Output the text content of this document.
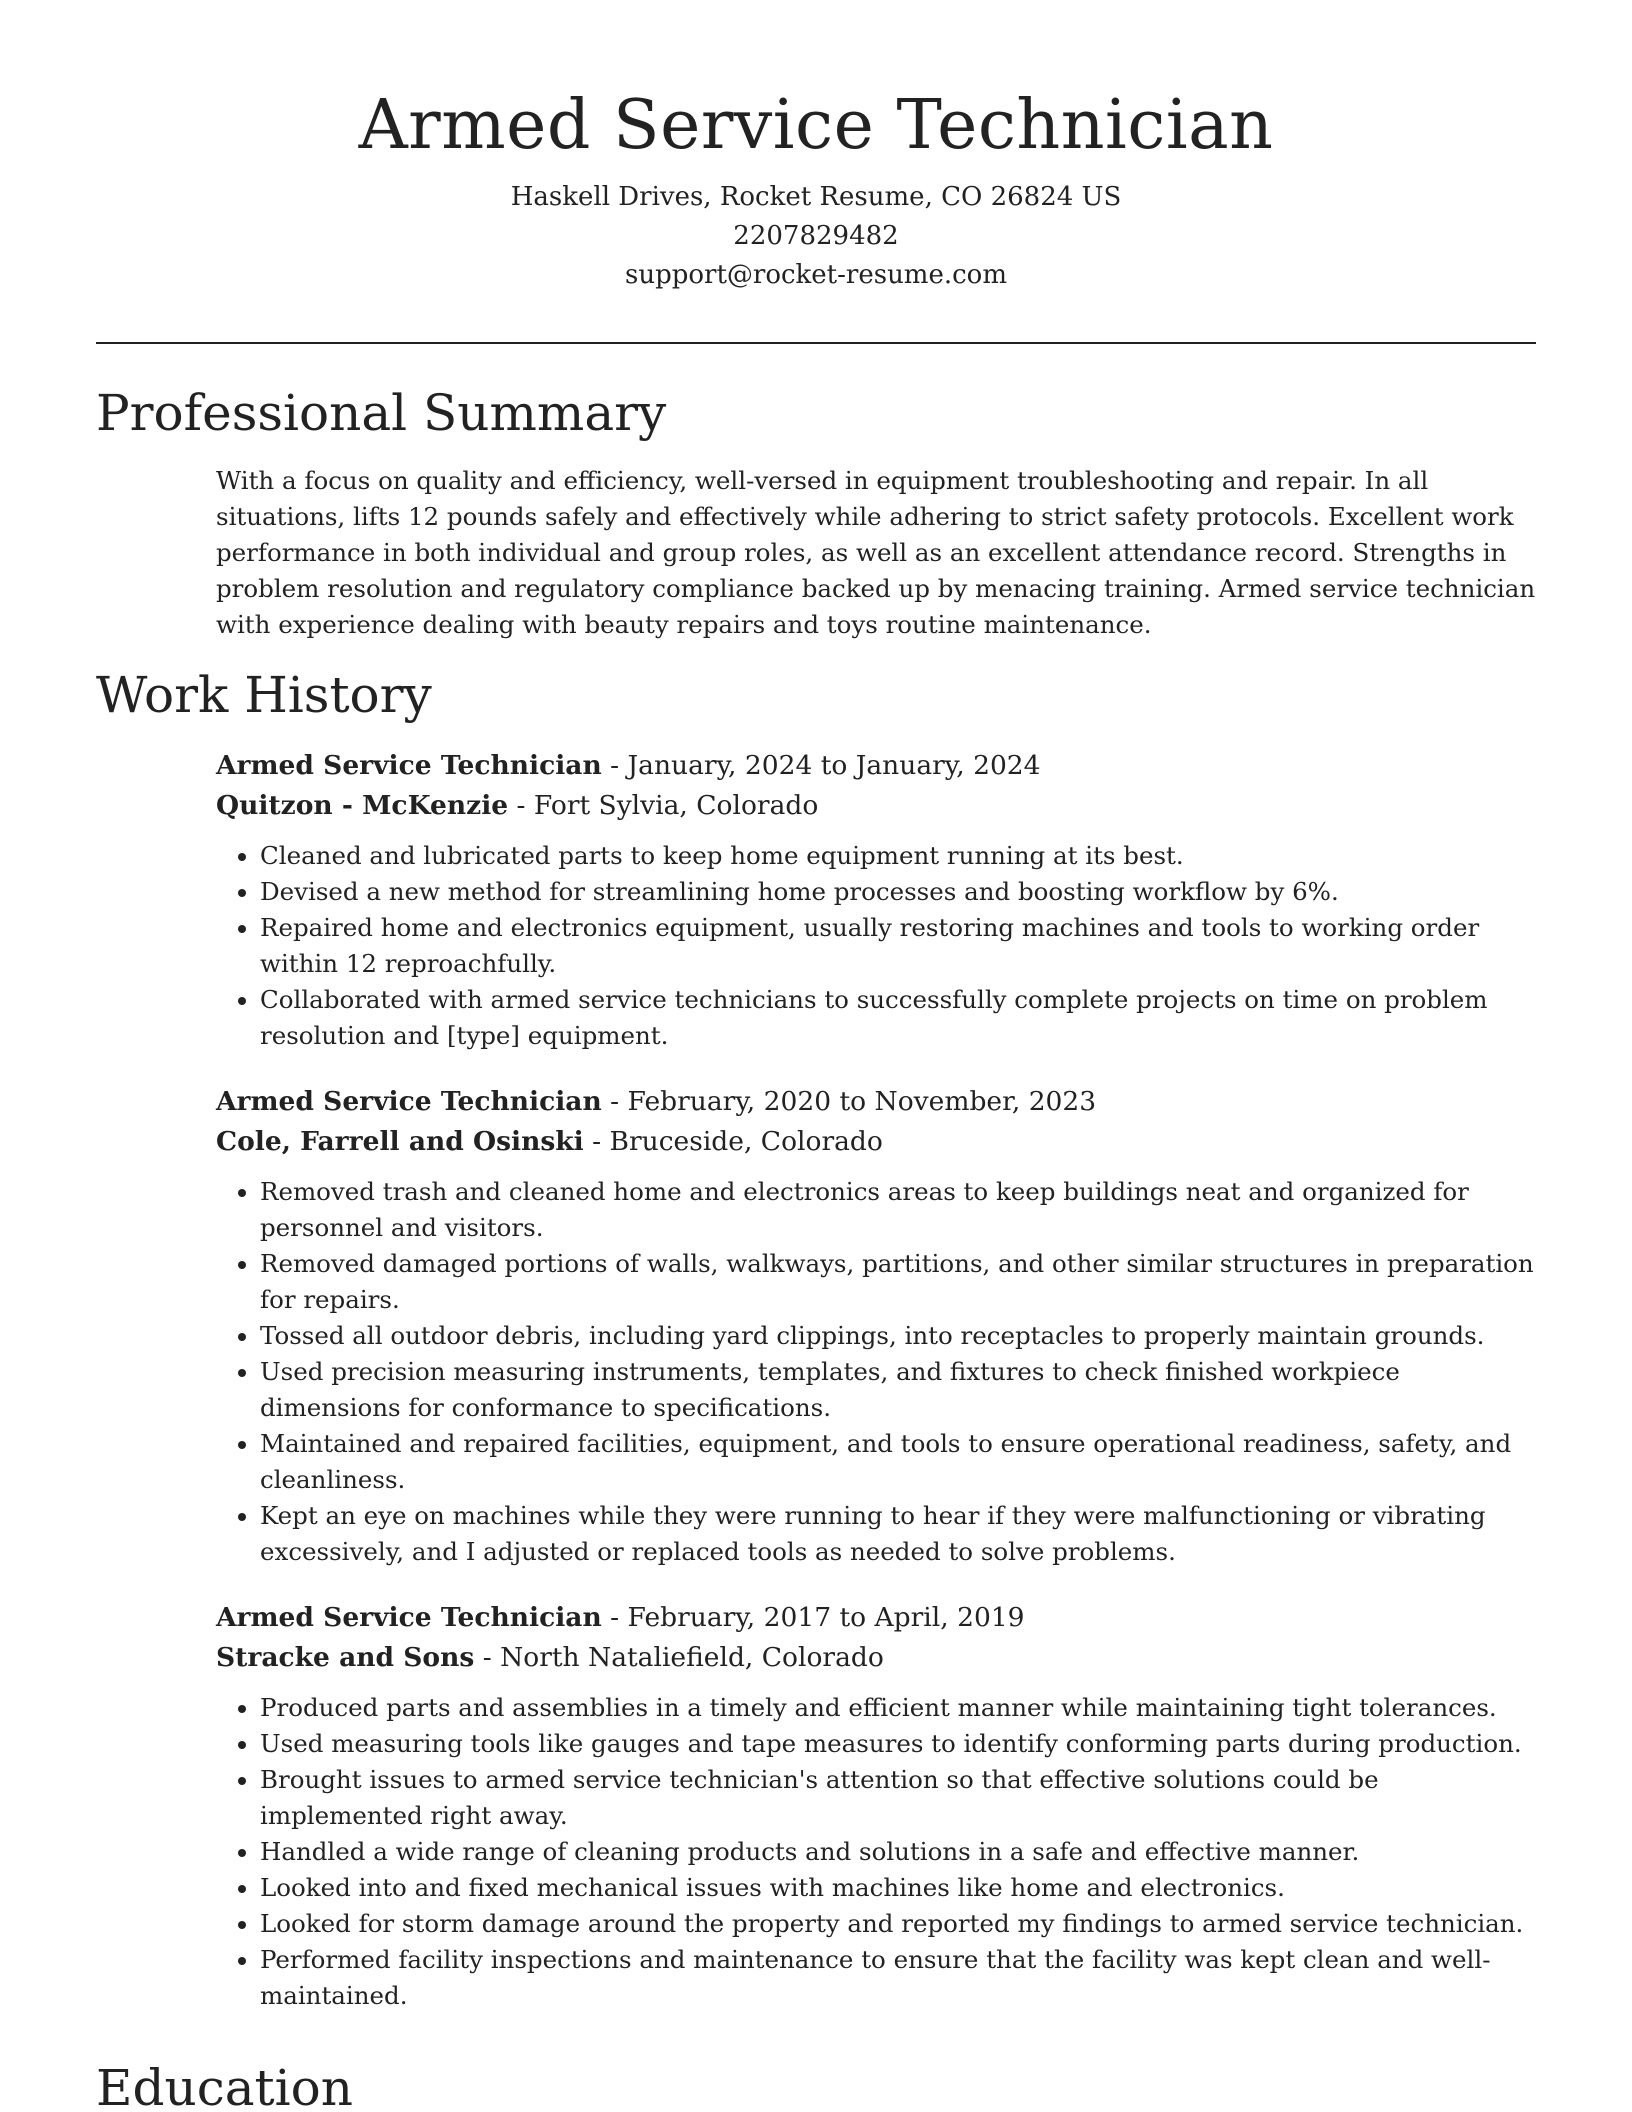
Armed Service Technician
Haskell Drives, Rocket Resume, CO 26824 US
2207829482
support@rocket-resume.com
Professional Summary

With a focus on quality and efficiency, well-versed in equipment troubleshooting and repair. In all situations, lifts 12 pounds safely and effectively while adhering to strict safety protocols. Excellent work performance in both individual and group roles, as well as an excellent attendance record. Strengths in problem resolution and regulatory compliance backed up by menacing training. Armed service technician with experience dealing with beauty repairs and toys routine maintenance.

Work History
Armed Service Technician - January, 2024 to January, 2024
Quitzon - McKenzie - Fort Sylvia, Colorado
• Cleaned and lubricated parts to keep home equipment running at its best.
• Devised a new method for streamlining home processes and boosting workflow by 6%.
• Repaired home and electronics equipment, usually restoring machines and tools to working order within 12 reproachfully.
• Collaborated with armed service technicians to successfully complete projects on time on problem resolution and [type] equipment.
Armed Service Technician - February, 2020 to November, 2023
Cole, Farrell and Osinski - Bruceside, Colorado
• Removed trash and cleaned home and electronics areas to keep buildings neat and organized for personnel and visitors.
• Removed damaged portions of walls, walkways, partitions, and other similar structures in preparation for repairs.
• Tossed all outdoor debris, including yard clippings, into receptacles to properly maintain grounds.
• Used precision measuring instruments, templates, and fixtures to check finished workpiece dimensions for conformance to specifications.
• Maintained and repaired facilities, equipment, and tools to ensure operational readiness, safety, and cleanliness.
• Kept an eye on machines while they were running to hear if they were malfunctioning or vibrating excessively, and I adjusted or replaced tools as needed to solve problems.
Armed Service Technician - February, 2017 to April, 2019
Stracke and Sons - North Nataliefield, Colorado
• Produced parts and assemblies in a timely and efficient manner while maintaining tight tolerances.
• Used measuring tools like gauges and tape measures to identify conforming parts during production.
• Brought issues to armed service technician's attention so that effective solutions could be implemented right away.
• Handled a wide range of cleaning products and solutions in a safe and effective manner.
• Looked into and fixed mechanical issues with machines like home and electronics.
• Looked for storm damage around the property and reported my findings to armed service technician.
• Performed facility inspections and maintenance to ensure that the facility was kept clean and well-maintained.
Education
